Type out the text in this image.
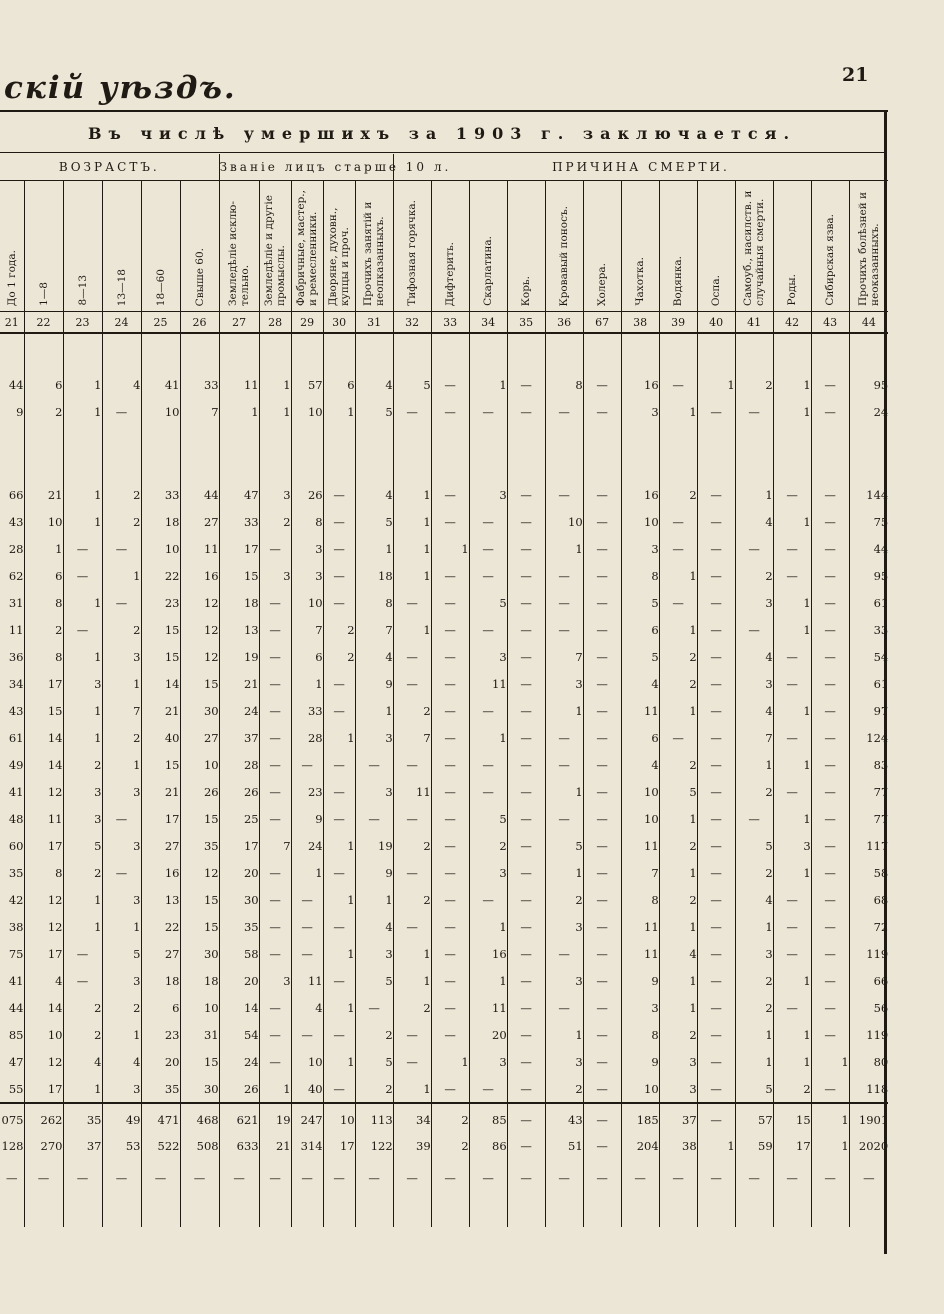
21
скій уѣздъ.
Въ числѣ умершихъ за 1903 г. заключается.
ВОЗРАСТЪ.						Званіе лицъ старше 10 л.					ПРИЧИНА СМЕРТИ.												

До 1 года.	1—8	8—13	13—18	18—60	Свыше 60.	Земледѣліе исклю-тельно.	Земледѣліе и другіе промыслы.	Фабричные, мастер., и ремесленники.	Дворяне, духовн., купцы и проч.	Прочихъ занятій и неопказанныхъ.	Тифозная горячка.	Дифтерить.	Скарлатина.	Корь.	Кровавый поносъ.	Холера.	Чахотка.	Водянка.	Оспа.	Самоуб., насилств. и случайныя смерти.	Роды.	Сибирская язва.	Прочихъ болѣзней и неоказанныхъ.

21	22	23	24	25	26	27	28	29	30	31	32	33	34	35	36	67	38	39	40	41	42	43	44

44	6	1	4	41	33	11	1	57	6	4	5	—	1	—	8	—	16	—	1	2	1	—	95
9	2	1	—	10	7	1	1	10	1	5	—	—	—	—	—	—	3	1	—	—	1	—	24

66	21	1	2	33	44	47	3	26	—	4	1	—	3	—	—	—	16	2	—	1	—	—	144
43	10	1	2	18	27	33	2	8	—	5	1	—	—	—	10	—	10	—	—	4	1	—	75
28	1	—	—	10	11	17	—	3	—	1	1	1	—	—	1	—	3	—	—	—	—	—	44
62	6	—	1	22	16	15	3	3	—	18	1	—	—	—	—	—	8	1	—	2	—	—	95
31	8	1	—	23	12	18	—	10	—	8	—	—	5	—	—	—	5	—	—	3	1	—	61
11	2	—	2	15	12	13	—	7	2	7	1	—	—	—	—	—	6	1	—	—	1	—	33
36	8	1	3	15	12	19	—	6	2	4	—	—	3	—	7	—	5	2	—	4	—	—	54
34	17	3	1	14	15	21	—	1	—	9	—	—	11	—	3	—	4	2	—	3	—	—	61
43	15	1	7	21	30	24	—	33	—	1	2	—	—	—	1	—	11	1	—	4	1	—	97
61	14	1	2	40	27	37	—	28	1	3	7	—	1	—	—	—	6	—	—	7	—	—	124
49	14	2	1	15	10	28	—	—	—	—	—	—	—	—	—	—	4	2	—	1	1	—	83
41	12	3	3	21	26	26	—	23	—	3	11	—	—	—	1	—	10	5	—	2	—	—	77
48	11	3	—	17	15	25	—	9	—	—	—	—	5	—	—	—	10	1	—	—	1	—	77
60	17	5	3	27	35	17	7	24	1	19	2	—	2	—	5	—	11	2	—	5	3	—	117
35	8	2	—	16	12	20	—	1	—	9	—	—	3	—	1	—	7	1	—	2	1	—	58
42	12	1	3	13	15	30	—	—	1	1	2	—	—	—	2	—	8	2	—	4	—	—	68
38	12	1	1	22	15	35	—	—	—	4	—	—	1	—	3	—	11	1	—	1	—	—	72
75	17	—	5	27	30	58	—	—	1	3	1	—	16	—	—	—	11	4	—	3	—	—	119
41	4	—	3	18	18	20	3	11	—	5	1	—	1	—	3	—	9	1	—	2	1	—	66
44	14	2	2	6	10	14	—	4	1	—	2	—	11	—	—	—	3	1	—	2	—	—	56
85	10	2	1	23	31	54	—	—	—	2	—	—	20	—	1	—	8	2	—	1	1	—	119
47	12	4	4	20	15	24	—	10	1	5	—	1	3	—	3	—	9	3	—	1	1	1	80
55	17	1	3	35	30	26	1	40	—	2	1	—	—	—	2	—	10	3	—	5	2	—	118
075	262	35	49	471	468	621	19	247	10	113	34	2	85	—	43	—	185	37	—	57	15	1	1901
128	270	37	53	522	508	633	21	314	17	122	39	2	86	—	51	—	204	38	1	59	17	1	2020
—	—	—	—	—	—	—	—	—	—	—	—	—	—	—	—	—	—	—	—	—	—	—	—
